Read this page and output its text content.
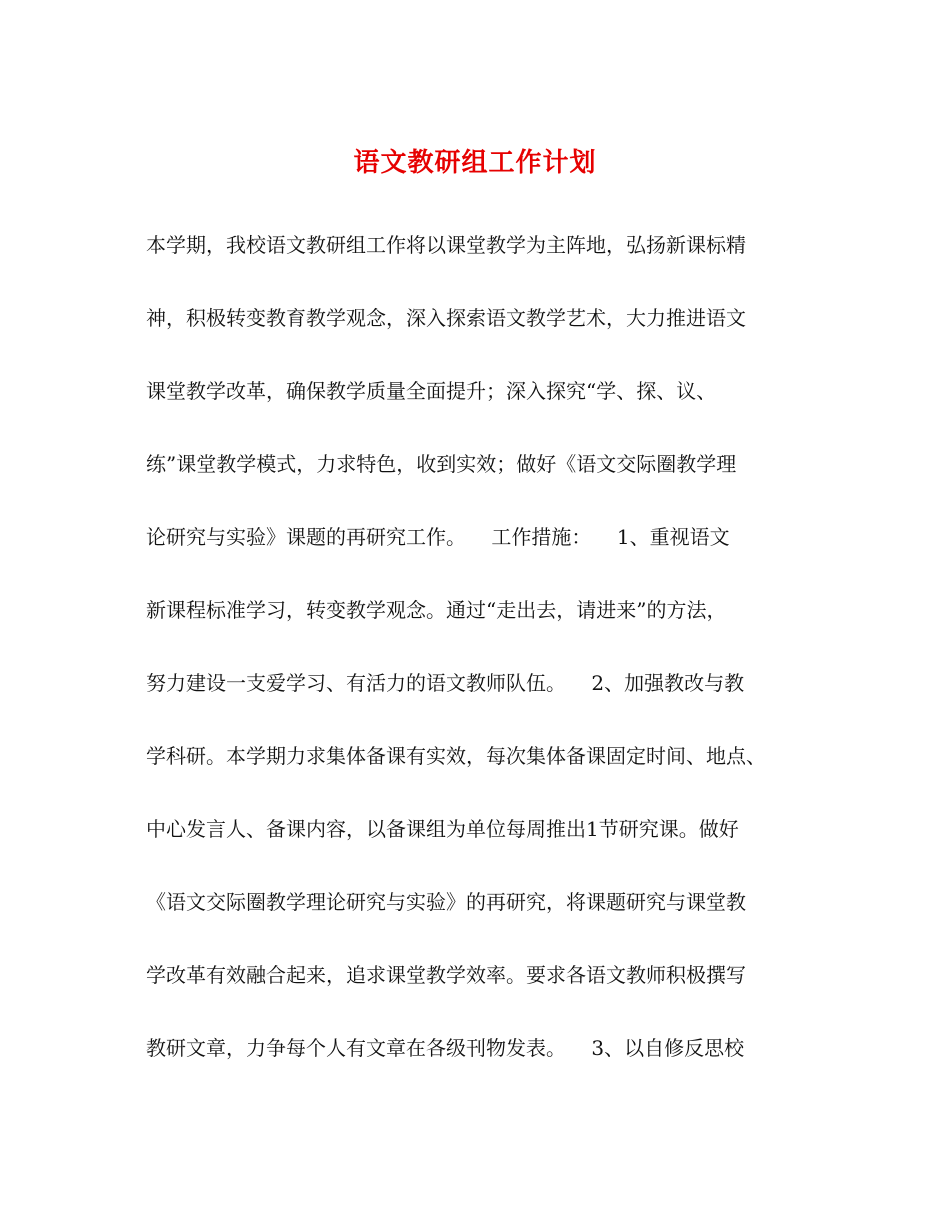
语文教研组工作计划
本学期，我校语文教研组工作将以课堂教学为主阵地，弘扬新课标精
神，积极转变教育教学观念，深入探索语文教学艺术，大力推进语文
课堂教学改革，确保教学质量全面提升；深入探究“学、探、议、
练”课堂教学模式，力求特色，收到实效；做好《语文交际圈教学理
论研究与实验》课题的再研究工作。    工作措施：    1、重视语文
新课程标准学习，转变教学观念。通过“走出去，请进来”的方法，
努力建设一支爱学习、有活力的语文教师队伍。    2、加强教改与教
学科研。本学期力求集体备课有实效，每次集体备课固定时间、地点、
中心发言人、备课内容，以备课组为单位每周推出1节研究课。做好
《语文交际圈教学理论研究与实验》的再研究，将课题研究与课堂教
学改革有效融合起来，追求课堂教学效率。要求各语文教师积极撰写
教研文章，力争每个人有文章在各级刊物发表。    3、以自修反思校
